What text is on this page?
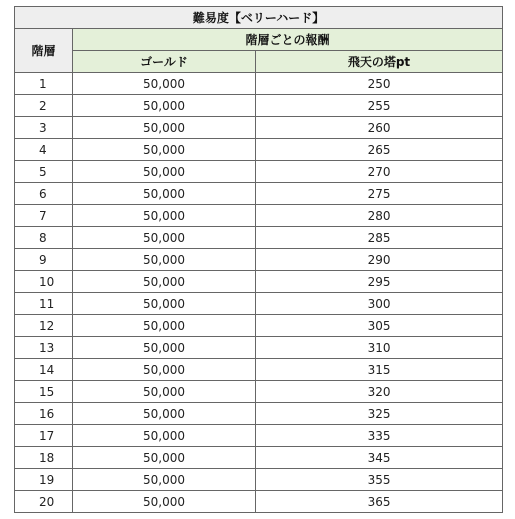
難易度【ベリーハード】		
階層	階層ごとの報酬	
	ゴールド	飛天の塔pt
1	50,000	250
2	50,000	255
3	50,000	260
4	50,000	265
5	50,000	270
6	50,000	275
7	50,000	280
8	50,000	285
9	50,000	290
10	50,000	295
11	50,000	300
12	50,000	305
13	50,000	310
14	50,000	315
15	50,000	320
16	50,000	325
17	50,000	335
18	50,000	345
19	50,000	355
20	50,000	365
